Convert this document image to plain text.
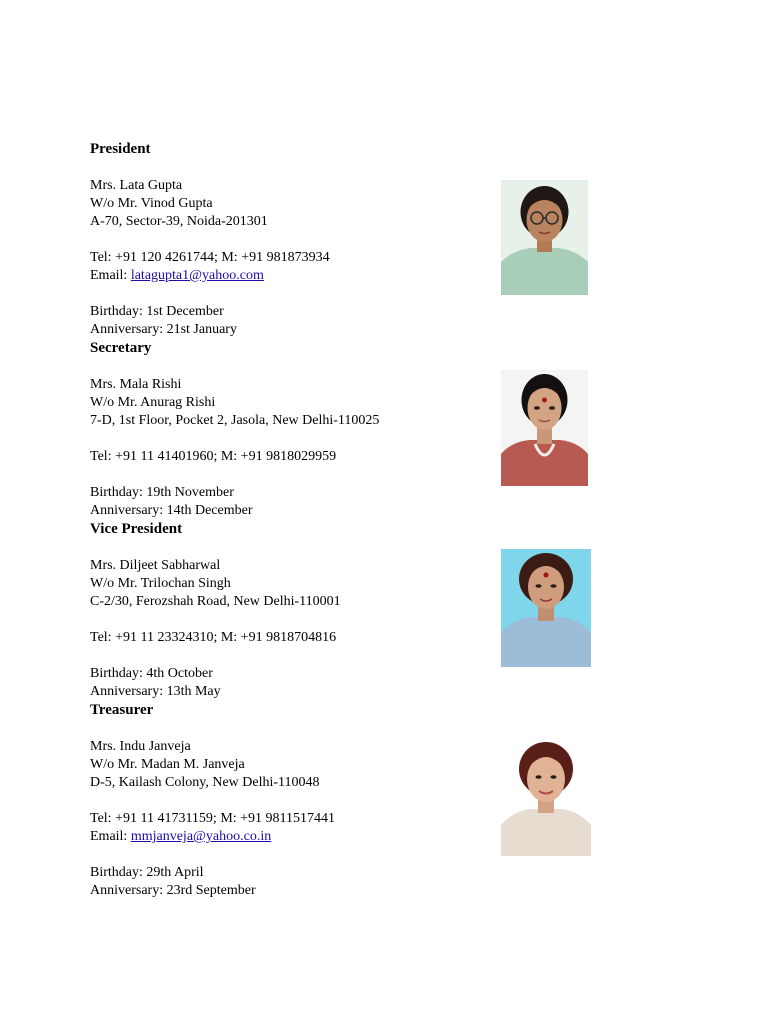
President
Mrs. Lata Gupta
W/o Mr. Vinod Gupta
A-70, Sector-39, Noida-201301
Tel: +91 120 4261744; M: +91 981873934
Email: latagupta1@yahoo.com
Birthday: 1st December
Anniversary: 21st January
Secretary
Mrs. Mala Rishi
W/o Mr. Anurag Rishi
7-D, 1st Floor, Pocket 2, Jasola, New Delhi-110025
Tel: +91 11 41401960; M: +91 9818029959
Birthday: 19th November
Anniversary: 14th December
Vice President
Mrs. Diljeet Sabharwal
W/o Mr. Trilochan Singh
C-2/30, Ferozshah Road, New Delhi-110001
Tel: +91 11 23324310; M: +91 9818704816
Birthday: 4th October
Anniversary: 13th May
Treasurer
Mrs. Indu Janveja
W/o Mr. Madan M. Janveja
D-5, Kailash Colony, New Delhi-110048
Tel: +91 11 41731159; M: +91 9811517441
Email: mmjanveja@yahoo.co.in
Birthday: 29th April
Anniversary: 23rd September
